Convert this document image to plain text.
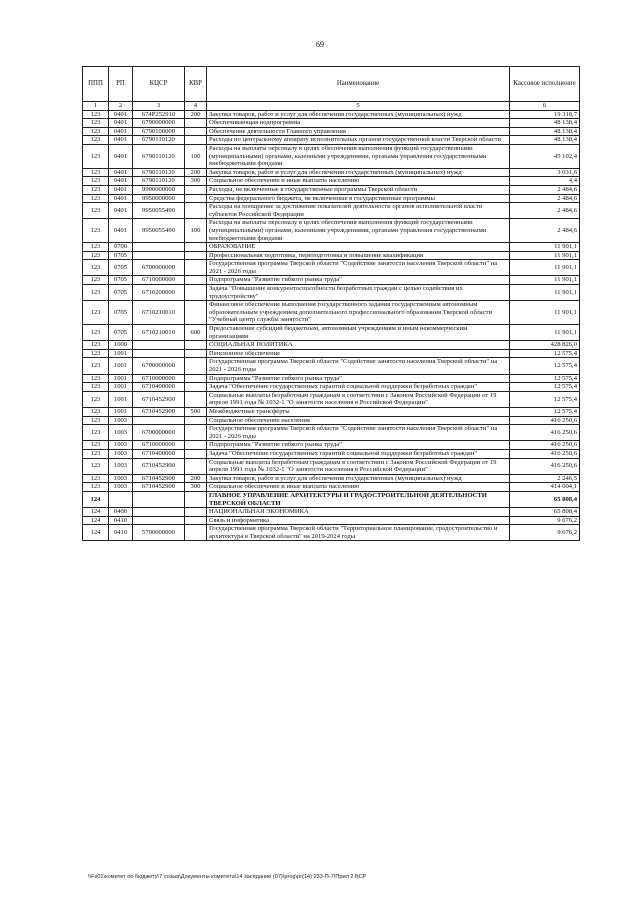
69
ППП	РП	КЦСР	КВР	Наименование	Кассовое исполнение
1	2	3	4	5	6
123	0401	674P252910	200	Закупка товаров, работ и услуг для обеспечения государственных (муниципальных) нужд	19 318,7
123	0401	6790000000		Обеспечивающая подпрограмма	48 138,4
123	0401	6790100000		Обеспечение деятельности Главного управления	48 138,4
123	0401	6790110120		Расходы по центральному аппарату исполнительных органов государственной власти Тверской области	48 138,4
123	0401	6790110120	100	Расходы на выплаты персоналу в целях обеспечения выполнения функций государственными (муниципальными) органами, казенными учреждениями, органами управления государственными внебюджетными фондами	45 102,4
123	0401	6790110120	200	Закупка товаров, работ и услуг для обеспечения государственных (муниципальных) нужд	3 031,6
123	0401	6790110120	300	Социальное обеспечение и иные выплаты населению	4,4
123	0401	9900000000		Расходы, не включенные в государственные программы Тверской области	2 484,6
123	0401	9950000000		Средства федерального бюджета, не включенные в государственные программы	2 484,6
123	0401	9950055490		Расходы на поощрение за достижение показателей деятельности органов исполнительной власти субъектов Российской Федерации	2 484,6
123	0401	9950055490	100	Расходы на выплаты персоналу в целях обеспечения выполнения функций государственными (муниципальными) органами, казенными учреждениями, органами управления государственными внебюджетными фондами	2 484,6
123	0700			ОБРАЗОВАНИЕ	11 901,1
123	0705			Профессиональная подготовка, переподготовка и повышение квалификации	11 901,1
123	0705	6700000000		Государственная программа Тверской области "Содействие занятости населения Тверской области" на 2021 - 2026 годы	11 901,1
123	0705	6710000000		Подпрограмма "Развитие гибкого рынка труда"	11 901,1
123	0705	6710200000		Задача "Повышение конкурентоспособности безработных граждан с целью содействия их трудоустройству"	11 901,1
123	0705	6710210010		Финансовое обеспечение выполнения государственного задания государственным автономным образовательным учреждением дополнительного профессионального образования Тверской области "Учебный центр службы занятости"	11 901,1
123	0705	6710210010	600	Предоставление субсидий бюджетным, автономным учреждениям и иным некоммерческим организациям	11 901,1
123	1000			СОЦИАЛЬНАЯ ПОЛИТИКА	428 826,0
123	1001			Пенсионное обеспечение	12 575,4
123	1001	6700000000		Государственная программа Тверской области "Содействие занятости населения Тверской области" на 2021 - 2026 годы	12 575,4
123	1001	6710000000		Подпрограмма "Развитие гибкого рынка труда"	12 575,4
123	1001	6710400000		Задача "Обеспечение государственных гарантий социальной поддержки безработных граждан"	12 575,4
123	1001	6710452900		Социальные выплаты безработным гражданам в соответствии с Законом Российской Федерации от 19 апреля 1991 года № 1032-1 "О занятости населения в Российской Федерации"	12 575,4
123	1001	6710452900	500	Межбюджетные трансферты	12 575,4
123	1003			Социальное обеспечение населения	416 250,6
123	1003	6700000000		Государственная программа Тверской области "Содействие занятости населения Тверской области" на 2021 - 2026 годы	416 250,6
123	1003	6710000000		Подпрограмма "Развитие гибкого рынка труда"	416 250,6
123	1003	6710400000		Задача "Обеспечение государственных гарантий социальной поддержки безработных граждан"	416 250,6
123	1003	6710452900		Социальные выплаты безработным гражданам в соответствии с Законом Российской Федерации от 19 апреля 1991 года № 1032-1 "О занятости населения в Российской Федерации"	416 250,6
123	1003	6710452900	200	Закупка товаров, работ и услуг для обеспечения государственных (муниципальных) нужд	2 246,5
123	1003	6710452900	300	Социальное обеспечение и иные выплаты населению	414 004,1
124				ГЛАВНОЕ УПРАВЛЕНИЕ АРХИТЕКТУРЫ И ГРАДОСТРОИТЕЛЬНОЙ ДЕЯТЕЛЬНОСТИ ТВЕРСКОЙ ОБЛАСТИ	65 808,4
124	0400			НАЦИОНАЛЬНАЯ ЭКОНОМИКА	65 808,4
124	0410			Связь и информатика	9 676,2
124	0410	5700000000		Государственная программа Тверской области "Территориальное планирование, градостроительство и архитектура в Тверской области" на 2019-2024 годы	9 676,2
\\Fs01\комитет по бюджету\7 созыв\Документы комитета\14 заседание (07)\prog\pr(14) 233-П-7\Прил 2 ВСР
